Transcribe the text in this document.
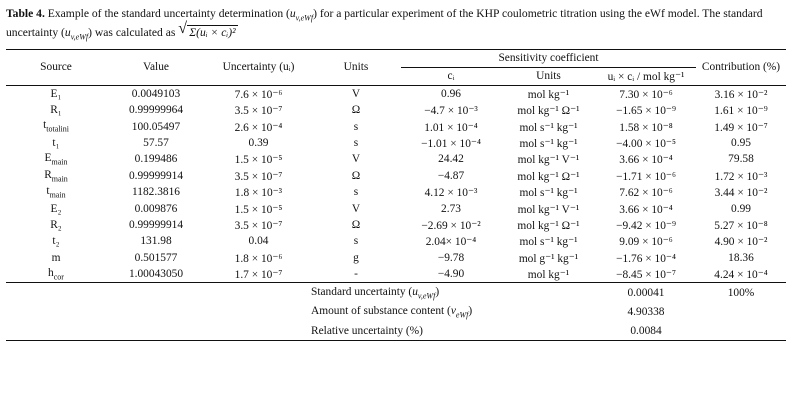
Table 4. Example of the standard uncertainty determination $(u_{v,eWf})$ for a particular experiment of the KHP coulometric titration using the eWf model. The standard uncertainty $(u_{v,eWf})$ was calculated as √ Σ(uᵢ × cᵢ)²
Source	Value	Uncertainty (uᵢ)	Units	Sensitivity coefficient			Contribution (%)
				cᵢ	Units	uᵢ × cᵢ / mol kg⁻¹	
E₁	0.0049103	7.6 × 10⁻⁶	V	0.96	mol kg⁻¹	7.30 × 10⁻⁶	3.16 × 10⁻²
R₁	0.99999964	3.5 × 10⁻⁷	Ω	−4.7 × 10⁻³	mol kg⁻¹ Ω⁻¹	−1.65 × 10⁻⁹	1.61 × 10⁻⁹
$t_{totalini}$	100.05497	2.6 × 10⁻⁴	s	1.01 × 10⁻⁴	mol s⁻¹ kg⁻¹	1.58 × 10⁻⁸	1.49 × 10⁻⁷
t₁	57.57	0.39	s	−1.01 × 10⁻⁴	mol s⁻¹ kg⁻¹	−4.00 × 10⁻⁵	0.95
$E_{main}$	0.199486	1.5 × 10⁻⁵	V	24.42	mol kg⁻¹ V⁻¹	3.66 × 10⁻⁴	79.58
$R_{main}$	0.99999914	3.5 × 10⁻⁷	Ω	−4.87	mol kg⁻¹ Ω⁻¹	−1.71 × 10⁻⁶	1.72 × 10⁻³
$t_{main}$	1182.3816	1.8 × 10⁻³	s	4.12 × 10⁻³	mol s⁻¹ kg⁻¹	7.62 × 10⁻⁶	3.44 × 10⁻²
E₂	0.009876	1.5 × 10⁻⁵	V	2.73	mol kg⁻¹ V⁻¹	3.66 × 10⁻⁴	0.99
R₂	0.99999914	3.5 × 10⁻⁷	Ω	−2.69 × 10⁻²	mol kg⁻¹ Ω⁻¹	−9.42 × 10⁻⁹	5.27 × 10⁻⁸
t₂	131.98	0.04	s	2.04× 10⁻⁴	mol s⁻¹ kg⁻¹	9.09 × 10⁻⁶	4.90 × 10⁻²
m	0.501577	1.8 × 10⁻⁶	g	−9.78	mol g⁻¹ kg⁻¹	−1.76 × 10⁻⁴	18.36
$h_{cor}$	1.00043050	1.7 × 10⁻⁷	-	−4.90	mol kg⁻¹	−8.45 × 10⁻⁷	4.24 × 10⁻⁴
			Standard uncertainty $(u_{v,eWf})$			0.00041	100%
			Amount of substance content $(v_{eWf})$			4.90338	
			Relative uncertainty (%)			0.0084	
